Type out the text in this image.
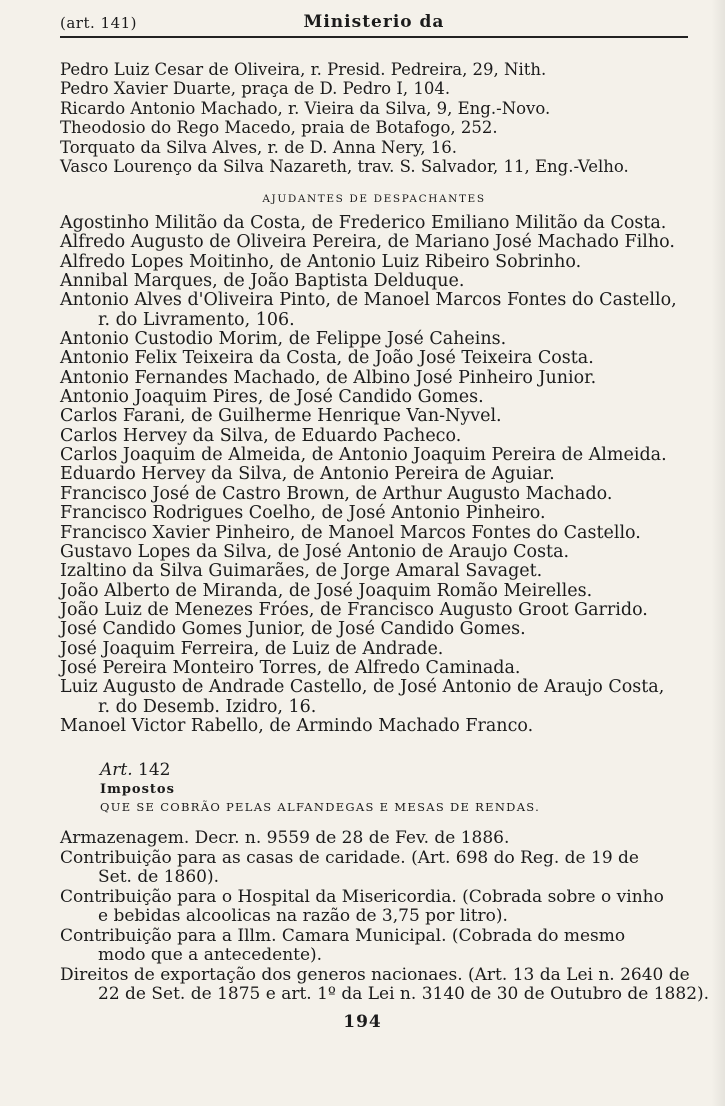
(art. 141)	Ministerio da
Pedro Luiz Cesar de Oliveira, r. Presid. Pedreira, 29, Nith.
Pedro Xavier Duarte, praça de D. Pedro I, 104.
Ricardo Antonio Machado, r. Vieira da Silva, 9, Eng.-Novo.
Theodosio do Rego Macedo, praia de Botafogo, 252.
Torquato da Silva Alves, r. de D. Anna Nery, 16.
Vasco Lourenço da Silva Nazareth, trav. S. Salvador, 11, Eng.-Velho.
AJUDANTES DE DESPACHANTES
Agostinho Militão da Costa, de Frederico Emiliano Militão da Costa.
Alfredo Augusto de Oliveira Pereira, de Mariano José Machado Filho.
Alfredo Lopes Moitinho, de Antonio Luiz Ribeiro Sobrinho.
Annibal Marques, de João Baptista Delduque.
Antonio Alves d'Oliveira Pinto, de Manoel Marcos Fontes do Castello,
r. do Livramento, 106.
Antonio Custodio Morim, de Felippe José Caheins.
Antonio Felix Teixeira da Costa, de João José Teixeira Costa.
Antonio Fernandes Machado, de Albino José Pinheiro Junior.
Antonio Joaquim Pires, de José Candido Gomes.
Carlos Farani, de Guilherme Henrique Van-Nyvel.
Carlos Hervey da Silva, de Eduardo Pacheco.
Carlos Joaquim de Almeida, de Antonio Joaquim Pereira de Almeida.
Eduardo Hervey da Silva, de Antonio Pereira de Aguiar.
Francisco José de Castro Brown, de Arthur Augusto Machado.
Francisco Rodrigues Coelho, de José Antonio Pinheiro.
Francisco Xavier Pinheiro, de Manoel Marcos Fontes do Castello.
Gustavo Lopes da Silva, de José Antonio de Araujo Costa.
Izaltino da Silva Guimarães, de Jorge Amaral Savaget.
João Alberto de Miranda, de José Joaquim Romão Meirelles.
João Luiz de Menezes Fróes, de Francisco Augusto Groot Garrido.
José Candido Gomes Junior, de José Candido Gomes.
José Joaquim Ferreira, de Luiz de Andrade.
José Pereira Monteiro Torres, de Alfredo Caminada.
Luiz Augusto de Andrade Castello, de José Antonio de Araujo Costa,
r. do Desemb. Izidro, 16.
Manoel Victor Rabello, de Armindo Machado Franco.
Art. 142
Impostos
QUE SE COBRÃO PELAS ALFANDEGAS E MESAS DE RENDAS.
Armazenagem. Decr. n. 9559 de 28 de Fev. de 1886.
Contribuição para as casas de caridade. (Art. 698 do Reg. de 19 de
Set. de 1860).
Contribuição para o Hospital da Misericordia. (Cobrada sobre o vinho
e bebidas alcoolicas na razão de 3,75 por litro).
Contribuição para a Illm. Camara Municipal. (Cobrada do mesmo
modo que a antecedente).
Direitos de exportação dos generos nacionaes. (Art. 13 da Lei n. 2640 de
22 de Set. de 1875 e art. 1º da Lei n. 3140 de 30 de Outubro de 1882).
194
